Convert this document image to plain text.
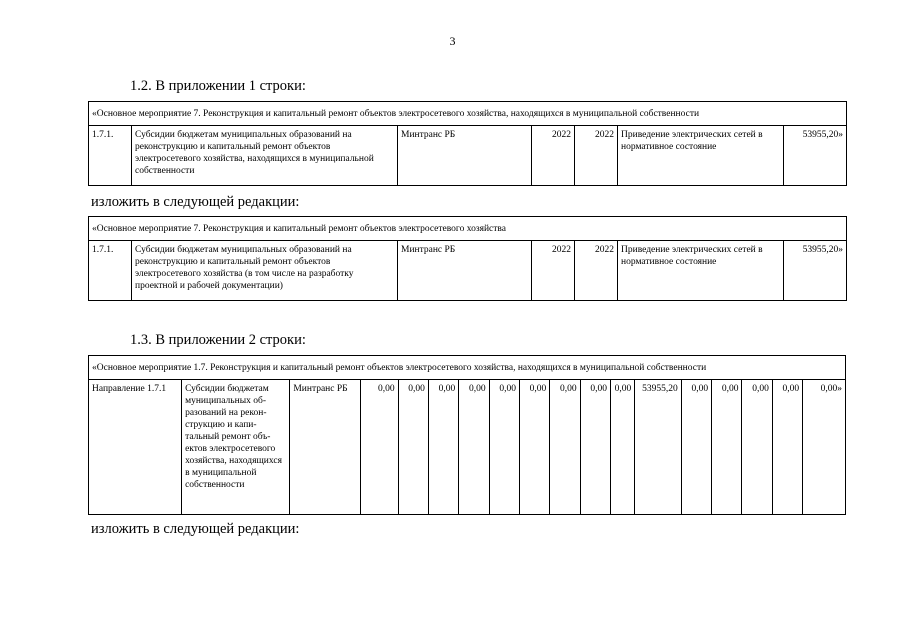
3
1.2. В приложении 1 строки:
«Основное мероприятие 7. Реконструкция и капитальный ремонт объектов электросетевого хозяйства, находящихся в муниципальной собственности
1.7.1.	Субсидии бюджетам муниципальных образований на реконструкцию и капитальный ремонт объектов электросетевого хозяйства, находящихся в муниципальной собственности	Минтранс РБ	2022	2022	Приведение электрических сетей в нормативное состояние	53955,20»
изложить в следующей редакции:
«Основное мероприятие 7. Реконструкция и капитальный ремонт объектов электросетевого хозяйства
1.7.1.	Субсидии бюджетам муниципальных образований на реконструкцию и капитальный ремонт объектов электросетевого хозяйства (в том числе на разработку проектной и рабочей документации)	Минтранс РБ	2022	2022	Приведение электрических сетей в нормативное состояние	53955,20»
1.3. В приложении 2 строки:
«Основное мероприятие 1.7. Реконструкция и капитальный ремонт объектов электросетевого хозяйства, находящихся в муниципальной собственности
Направление 1.7.1	Субсидии бюджетам муниципальных образований на реконструкцию и капитальный ремонт объектов электросетевого хозяйства, находящихся в муниципальной собственности	Минтранс РБ	0,00	0,00	0,00	0,00	0,00	0,00	0,00	0,00	0,00	53955,20	0,00	0,00	0,00	0,00	0,00»
изложить в следующей редакции:
